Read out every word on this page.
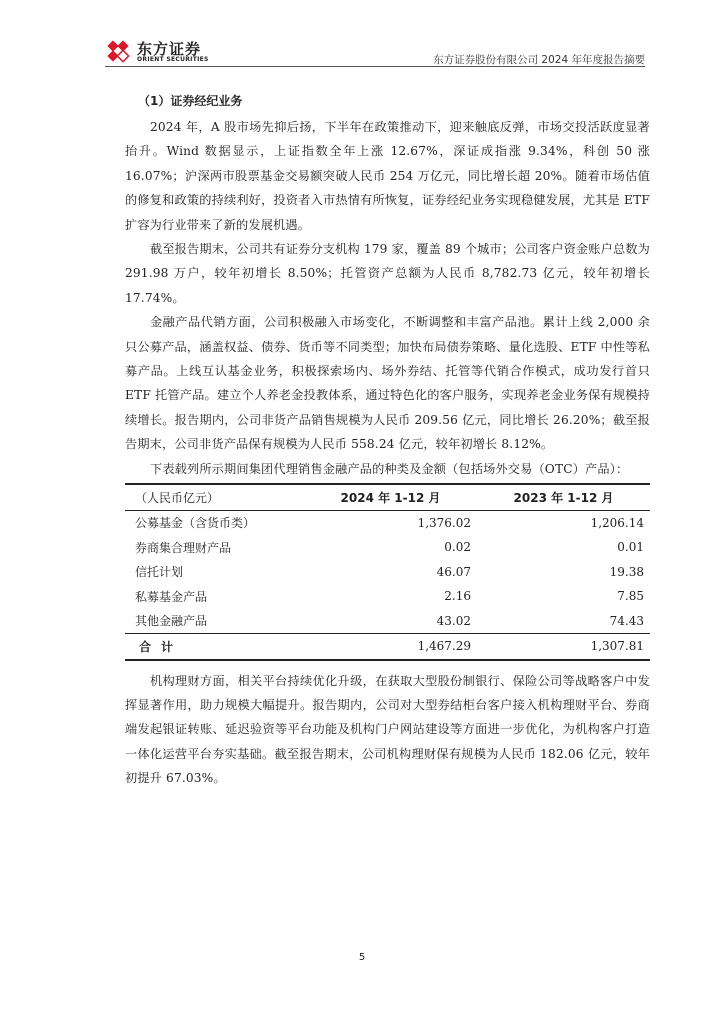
东方证券
ORIENT SECURITIES	东方证券股份有限公司 2024 年年度报告摘要
（1）证券经纪业务

2024 年，A 股市场先抑后扬，下半年在政策推动下，迎来触底反弹，市场交投活跃度显著抬升。Wind 数据显示，上证指数全年上涨 12.67%，深证成指涨 9.34%，科创 50 涨 16.07%；沪深两市股票基金交易额突破人民币 254 万亿元，同比增长超 20%。随着市场估值的修复和政策的持续利好，投资者入市热情有所恢复，证券经纪业务实现稳健发展，尤其是 ETF 扩容为行业带来了新的发展机遇。

截至报告期末，公司共有证券分支机构 179 家，覆盖 89 个城市；公司客户资金账户总数为 291.98 万户，较年初增长 8.50%；托管资产总额为人民币 8,782.73 亿元，较年初增长 17.74%。

金融产品代销方面，公司积极融入市场变化，不断调整和丰富产品池。累计上线 2,000 余只公募产品，涵盖权益、债券、货币等不同类型；加快布局债券策略、量化选股、ETF 中性等私募产品。上线互认基金业务，积极探索场内、场外券结、托管等代销合作模式，成功发行首只 ETF 托管产品。建立个人养老金投教体系，通过特色化的客户服务，实现养老金业务保有规模持续增长。报告期内，公司非货产品销售规模为人民币 209.56 亿元，同比增长 26.20%；截至报告期末，公司非货产品保有规模为人民币 558.24 亿元，较年初增长 8.12%。

下表载列所示期间集团代理销售金融产品的种类及金额（包括场外交易（OTC）产品）：

（人民币亿元）	2024 年 1-12 月	2023 年 1-12 月
公募基金（含货币类）	1,376.02	1,206.14
券商集合理财产品	0.02	0.01
信托计划	46.07	19.38
私募基金产品	2.16	7.85
其他金融产品	43.02	74.43
合计	1,467.29	1,307.81

机构理财方面，相关平台持续优化升级，在获取大型股份制银行、保险公司等战略客户中发挥显著作用，助力规模大幅提升。报告期内，公司对大型券结柜台客户接入机构理财平台、券商端发起银证转账、延迟验资等平台功能及机构门户网站建设等方面进一步优化，为机构客户打造一体化运营平台夯实基础。截至报告期末，公司机构理财保有规模为人民币 182.06 亿元，较年初提升 67.03%。

5
